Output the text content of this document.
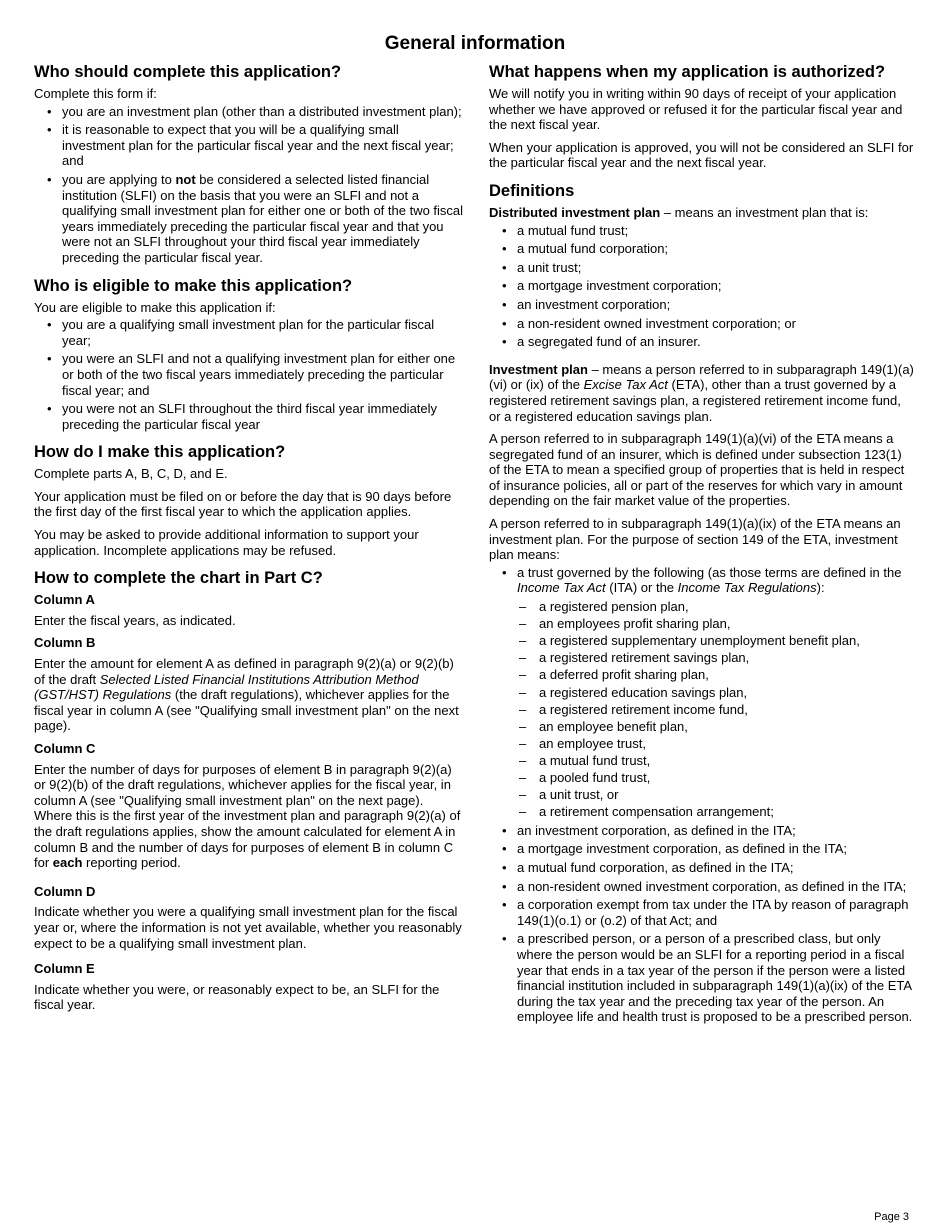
General information
Who should complete this application?

Complete this form if:

• you are an investment plan (other than a distributed investment plan);
• it is reasonable to expect that you will be a qualifying small investment plan for the particular fiscal year and the next fiscal year; and
• you are applying to not be considered a selected listed financial institution (SLFI) on the basis that you were an SLFI and not a qualifying small investment plan for either one or both of the two fiscal years immediately preceding the particular fiscal year and that you were not an SLFI throughout your third fiscal year immediately preceding the particular fiscal year.
Who is eligible to make this application?

You are eligible to make this application if:

• you are a qualifying small investment plan for the particular fiscal year;
• you were an SLFI and not a qualifying investment plan for either one or both of the two fiscal years immediately preceding the particular fiscal year; and
• you were not an SLFI throughout the third fiscal year immediately preceding the particular fiscal year
How do I make this application?

Complete parts A, B, C, D, and E.

Your application must be filed on or before the day that is 90 days before the first day of the first fiscal year to which the application applies.

You may be asked to provide additional information to support your application. Incomplete applications may be refused.

How to complete the chart in Part C?
Column A

Enter the fiscal years, as indicated.

Column B

Enter the amount for element A as defined in paragraph 9(2)(a) or 9(2)(b) of the draft Selected Listed Financial Institutions Attribution Method (GST/HST) Regulations (the draft regulations), whichever applies for the fiscal year in column A (see "Qualifying small investment plan" on the next page).

Column C

Enter the number of days for purposes of element B in paragraph 9(2)(a) or 9(2)(b) of the draft regulations, whichever applies for the fiscal year, in column A (see "Qualifying small investment plan" on the next page). Where this is the first year of the investment plan and paragraph 9(2)(a) of the draft regulations applies, show the amount calculated for element A in column B and the number of days for purposes of element B in column C for each reporting period.

Column D

Indicate whether you were a qualifying small investment plan for the fiscal year or, where the information is not yet available, whether you reasonably expect to be a qualifying small investment plan.

Column E

Indicate whether you were, or reasonably expect to be, an SLFI for the fiscal year.

What happens when my application is authorized?

We will notify you in writing within 90 days of receipt of your application whether we have approved or refused it for the particular fiscal year and the next fiscal year.

When your application is approved, you will not be considered an SLFI for the particular fiscal year and the next fiscal year.

Definitions

Distributed investment plan – means an investment plan that is:

• a mutual fund trust;
• a mutual fund corporation;
• a unit trust;
• a mortgage investment corporation;
• an investment corporation;
• a non-resident owned investment corporation; or
• a segregated fund of an insurer.

Investment plan – means a person referred to in subparagraph 149(1)(a)(vi) or (ix) of the Excise Tax Act (ETA), other than a trust governed by a registered retirement savings plan, a registered retirement income fund, or a registered education savings plan.

A person referred to in subparagraph 149(1)(a)(vi) of the ETA means a segregated fund of an insurer, which is defined under subsection 123(1) of the ETA to mean a specified group of properties that is held in respect of insurance policies, all or part of the reserves for which vary in amount depending on the fair market value of the properties.

A person referred to in subparagraph 149(1)(a)(ix) of the ETA means an investment plan. For the purpose of section 149 of the ETA, investment plan means:

• a trust governed by the following (as those terms are defined in the Income Tax Act (ITA) or the Income Tax Regulations):
– a registered pension plan,
– an employees profit sharing plan,
– a registered supplementary unemployment benefit plan,
– a registered retirement savings plan,
– a deferred profit sharing plan,
– a registered education savings plan,
– a registered retirement income fund,
– an employee benefit plan,
– an employee trust,
– a mutual fund trust,
– a pooled fund trust,
– a unit trust, or
– a retirement compensation arrangement;
• an investment corporation, as defined in the ITA;
• a mortgage investment corporation, as defined in the ITA;
• a mutual fund corporation, as defined in the ITA;
• a non-resident owned investment corporation, as defined in the ITA;
• a corporation exempt from tax under the ITA by reason of paragraph 149(1)(o.1) or (o.2) of that Act; and
• a prescribed person, or a person of a prescribed class, but only where the person would be an SLFI for a reporting period in a fiscal year that ends in a tax year of the person if the person were a listed financial institution included in subparagraph 149(1)(a)(ix) of the ETA during the tax year and the preceding tax year of the person. An employee life and health trust is proposed to be a prescribed person.
Page 3
